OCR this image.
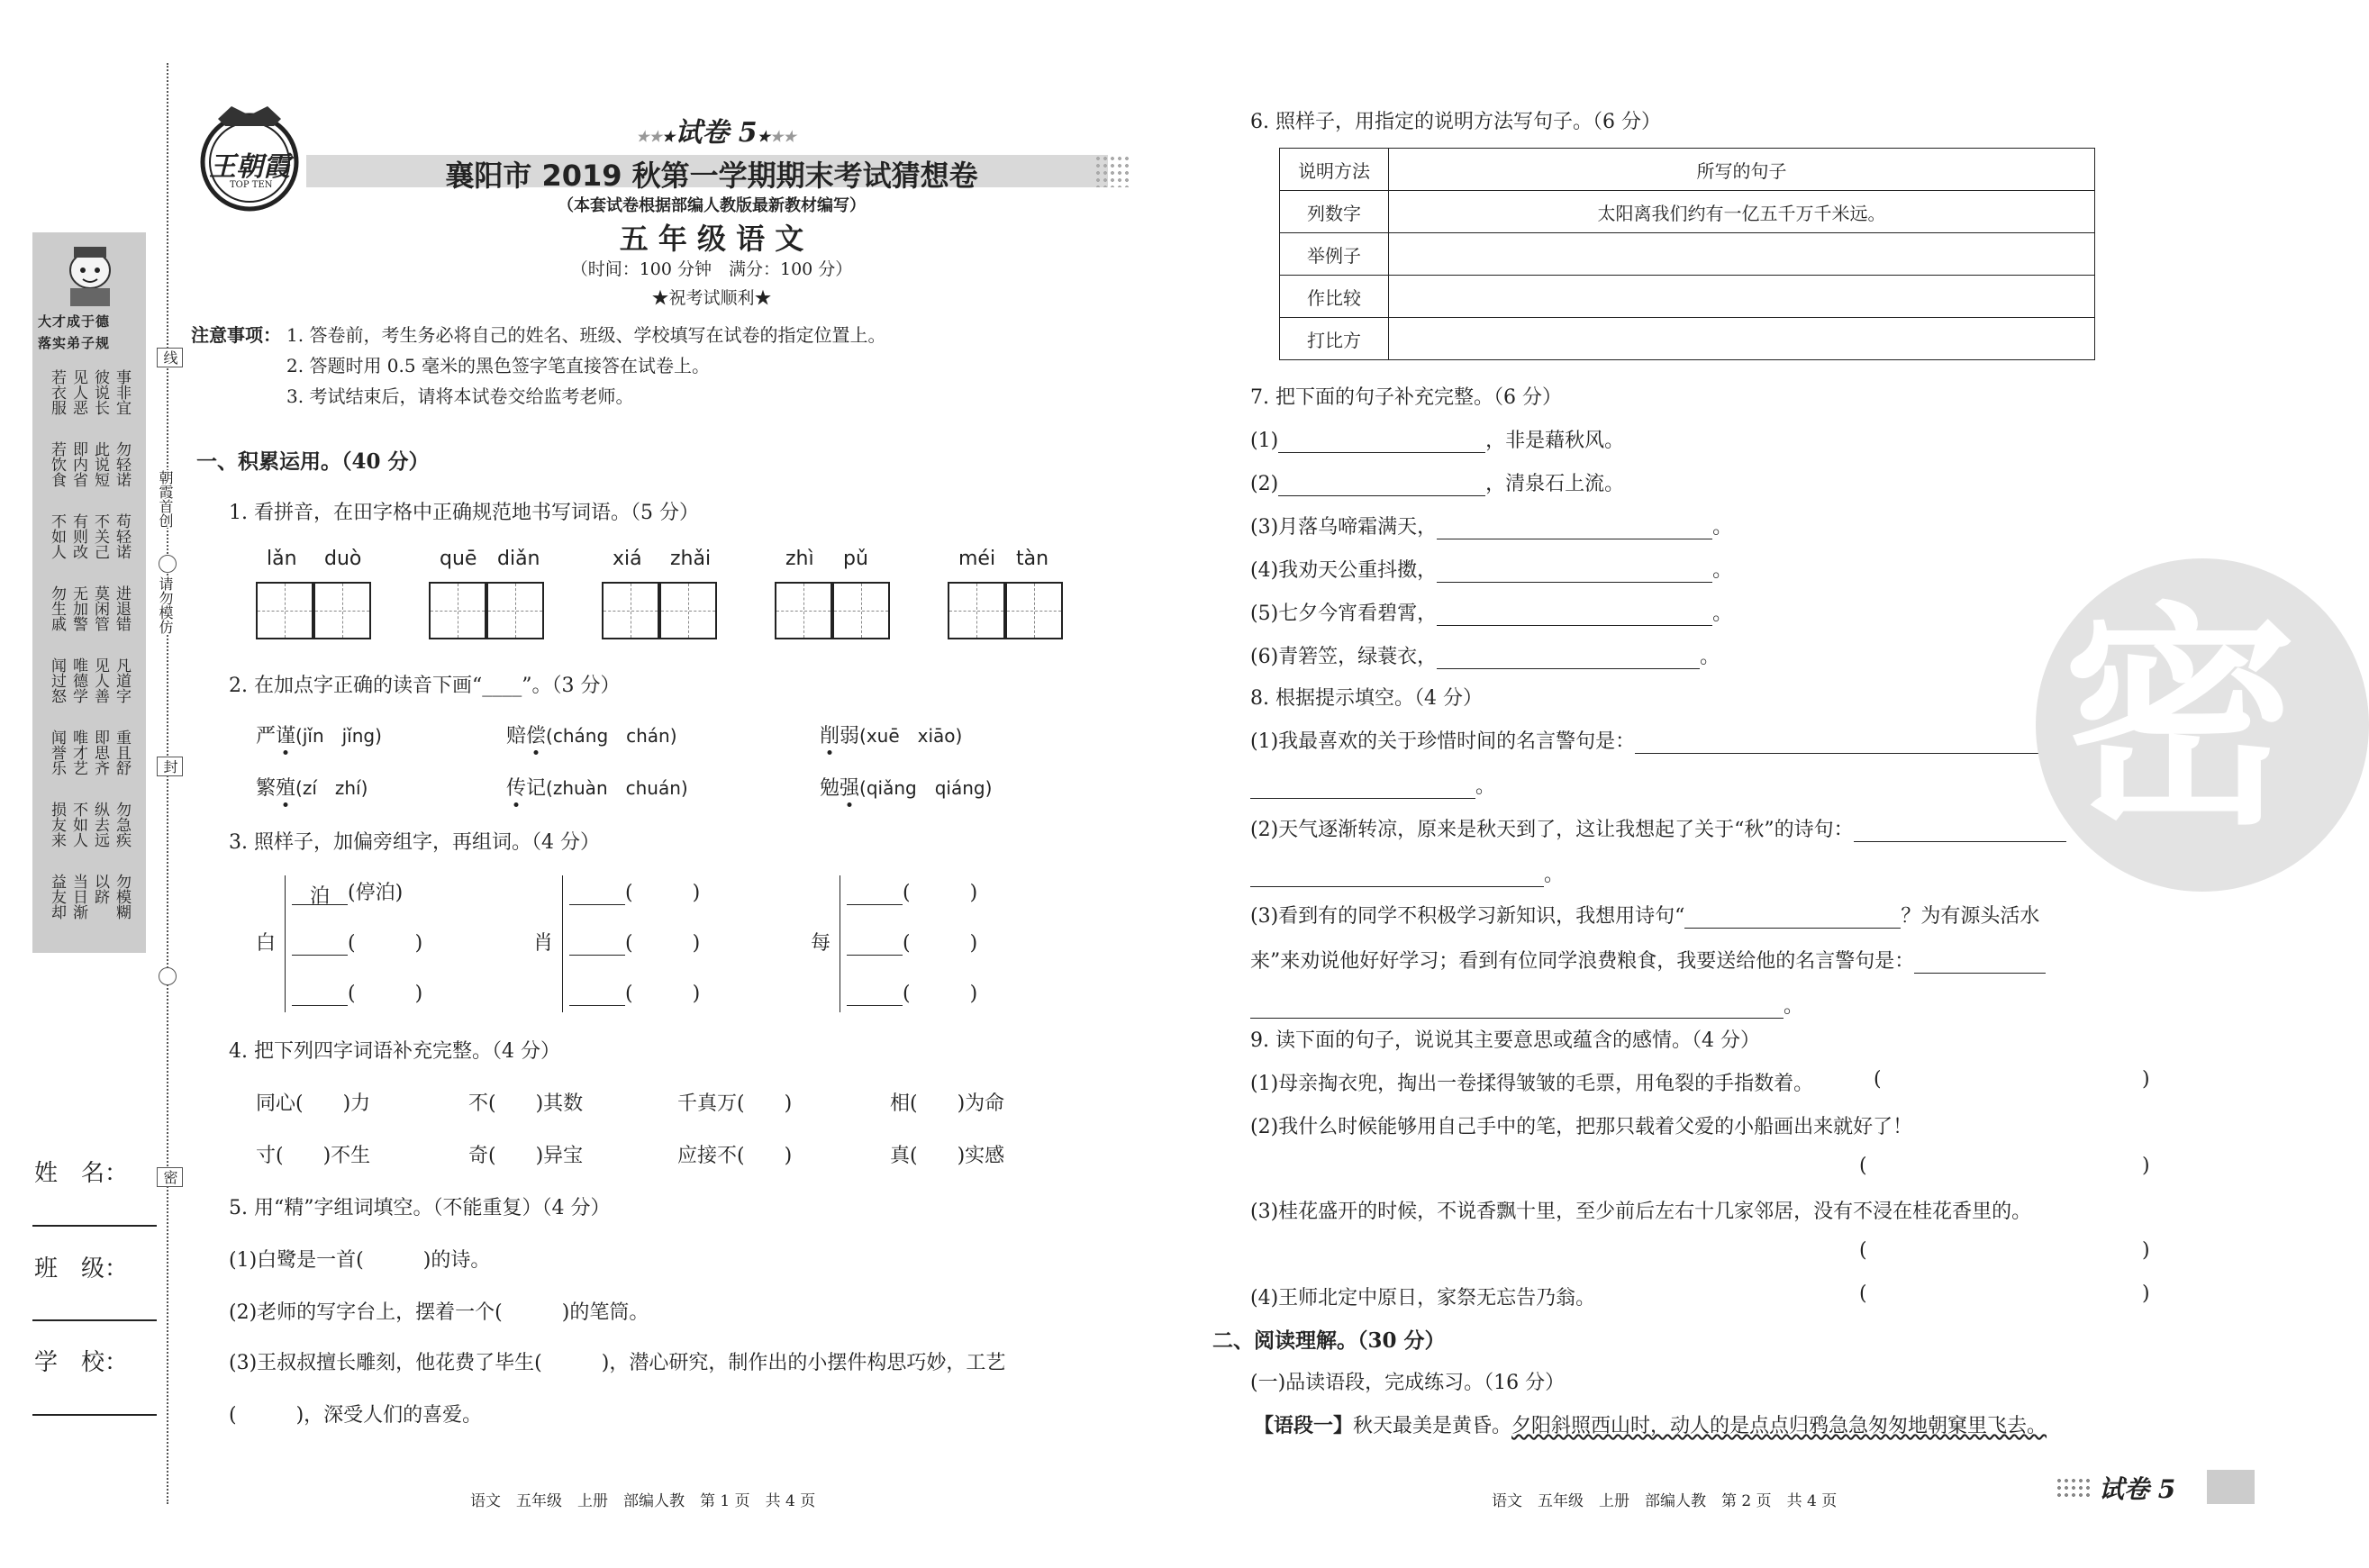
大才成于德
落实弟子规
若衣服 见人恶 彼说长 事非宜
若饮食 即内省 此说短 勿轻诺
不如人 有则改 不关己 苟轻诺
勿生戚 无加警 莫闲管 进退错
闻过怒 唯德学 见人善 凡道字
闻誉乐 唯才艺 即思齐 重且舒
损友来 不如人 纵去远 勿急疾
益友却 当日渐 以跻 勿模糊
姓　名：
班　级：
学　校：
线
朝霞首创
请勿模仿
封
密
王朝霞
TOP TEN
★★★试卷 5★★★
襄阳市 2019 秋第一学期期末考试猜想卷
（本套试卷根据部编人教版最新教材编写）
五 年 级 语 文
（时间：100 分钟　满分：100 分）
★祝考试顺利★
注意事项： 1. 答卷前，考生务必将自己的姓名、班级、学校填写在试卷的指定位置上。
2. 答题时用 0.5 毫米的黑色签字笔直接答在试卷上。
3. 考试结束后，请将本试卷交给监考老师。
一、积累运用。（40 分）
1. 看拼音，在田字格中正确规范地书写词语。（5 分）
lǎn duò	quē diǎn	xiá zhǎi	zhì pǔ	méi tàn
2. 在加点字正确的读音下画“____”。（3 分）
严谨(jǐn　jǐng)	赔偿(cháng　chán)	削弱(xuē　xiāo)
繁殖(zí　zhí)	传记(zhuàn　chuán)	勉强(qiǎng　qiáng)
3. 照样子，加偏旁组字，再组词。（4 分）
白
泊 (停泊)
(　　　)
(　　　)
肖
(　　　)
(　　　)
(　　　)
每
(　　　)
(　　　)
(　　　)
4. 把下列四字词语补充完整。（4 分）
同心(　　)力	不(　　)其数	千真万(　　)	相(　　)为命
寸(　　)不生	奇(　　)异宝	应接不(　　)	真(　　)实感
5. 用“精”字组词填空。（不能重复）（4 分）
(1)白鹭是一首(　　　)的诗。
(2)老师的写字台上，摆着一个(　　　)的笔筒。
(3)王叔叔擅长雕刻，他花费了毕生(　　　)，潜心研究，制作出的小摆件构思巧妙，工艺
(　　　)，深受人们的喜爱。
语文　五年级　上册　部编人教　第 1 页　共 4 页
6. 照样子，用指定的说明方法写句子。（6 分）
说明方法	所写的句子
列数字	太阳离我们约有一亿五千万千米远。
举例子	
作比较	
打比方	
7. 把下面的句子补充完整。（6 分）
(1)	，非是藉秋风。
(2)	，清泉石上流。
(3)月落乌啼霜满天，	。
(4)我劝天公重抖擞，	。
(5)七夕今宵看碧霄，	。
(6)青箬笠，绿蓑衣，	。
8. 根据提示填空。（4 分）
(1)我最喜欢的关于珍惜时间的名言警句是：
。
(2)天气逐渐转凉，原来是秋天到了，这让我想起了关于“秋”的诗句：
。
(3)看到有的同学不积极学习新知识，我想用诗句“	？为有源头活水
来”来劝说他好好学习；看到有位同学浪费粮食，我要送给他的名言警句是：
。
9. 读下面的句子，说说其主要意思或蕴含的感情。（4 分）
(1)母亲掏衣兜，掏出一卷揉得皱皱的毛票，用龟裂的手指数着。
(2)我什么时候能够用自己手中的笔，把那只载着父爱的小船画出来就好了！
(3)桂花盛开的时候，不说香飘十里，至少前后左右十几家邻居，没有不浸在桂花香里的。
(4)王师北定中原日，家祭无忘告乃翁。
(	)
(	)
(	)
(	)
二、阅读理解。（30 分）
(一)品读语段，完成练习。（16 分）
【语段一】秋天最美是黄昏。夕阳斜照西山时，动人的是点点归鸦急急匆匆地朝窠里飞去。
语文　五年级　上册　部编人教　第 2 页　共 4 页	试卷 5
密
